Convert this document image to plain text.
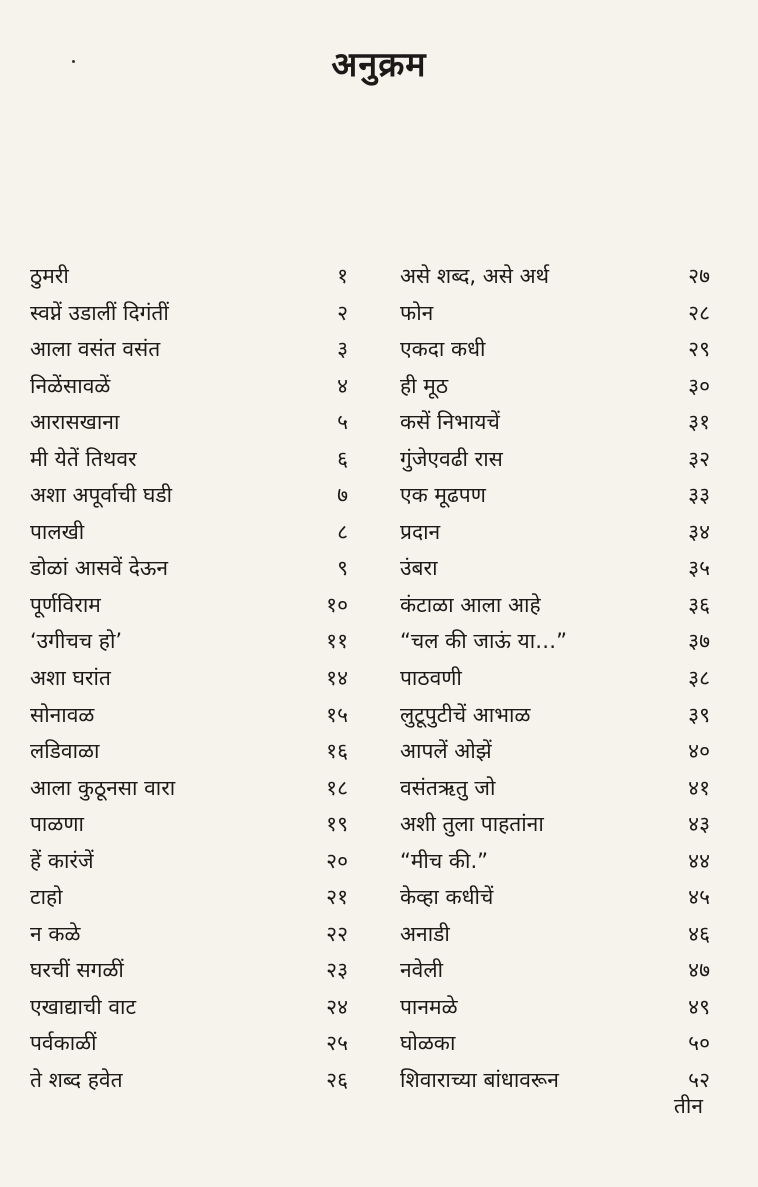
अनुक्रम
ठुमरी	१
स्वप्नें उडालीं दिगंतीं	२
आला वसंत वसंत	३
निळेंसावळें	४
आरासखाना	५
मी येतें तिथवर	६
अशा अपूर्वाची घडी	७
पालखी	८
डोळां आसवें देऊन	९
पूर्णविराम	१०
‘उगीचच हो’	११
अशा घरांत	१४
सोनावळ	१५
लडिवाळा	१६
आला कुठूनसा वारा	१८
पाळणा	१९
हें कारंजें	२०
टाहो	२१
न कळे	२२
घरचीं सगळीं	२३
एखाद्याची वाट	२४
पर्वकाळीं	२५
ते शब्द हवेत	२६
असे शब्द, असे अर्थ	२७
फोन	२८
एकदा कधी	२९
ही मूठ	३०
कसें निभायचें	३१
गुंजेएवढी रास	३२
एक मूढपण	३३
प्रदान	३४
उंबरा	३५
कंटाळा आला आहे	३६
“चल की जाऊं या…”	३७
पाठवणी	३८
लुटूपुटीचें आभाळ	३९
आपलें ओझें	४०
वसंतऋतु जो	४१
अशी तुला पाहतांना	४३
“मीच की.”	४४
केव्हा कधीचें	४५
अनाडी	४६
नवेली	४७
पानमळे	४९
घोळका	५०
शिवाराच्या बांधावरून	५२
तीन
